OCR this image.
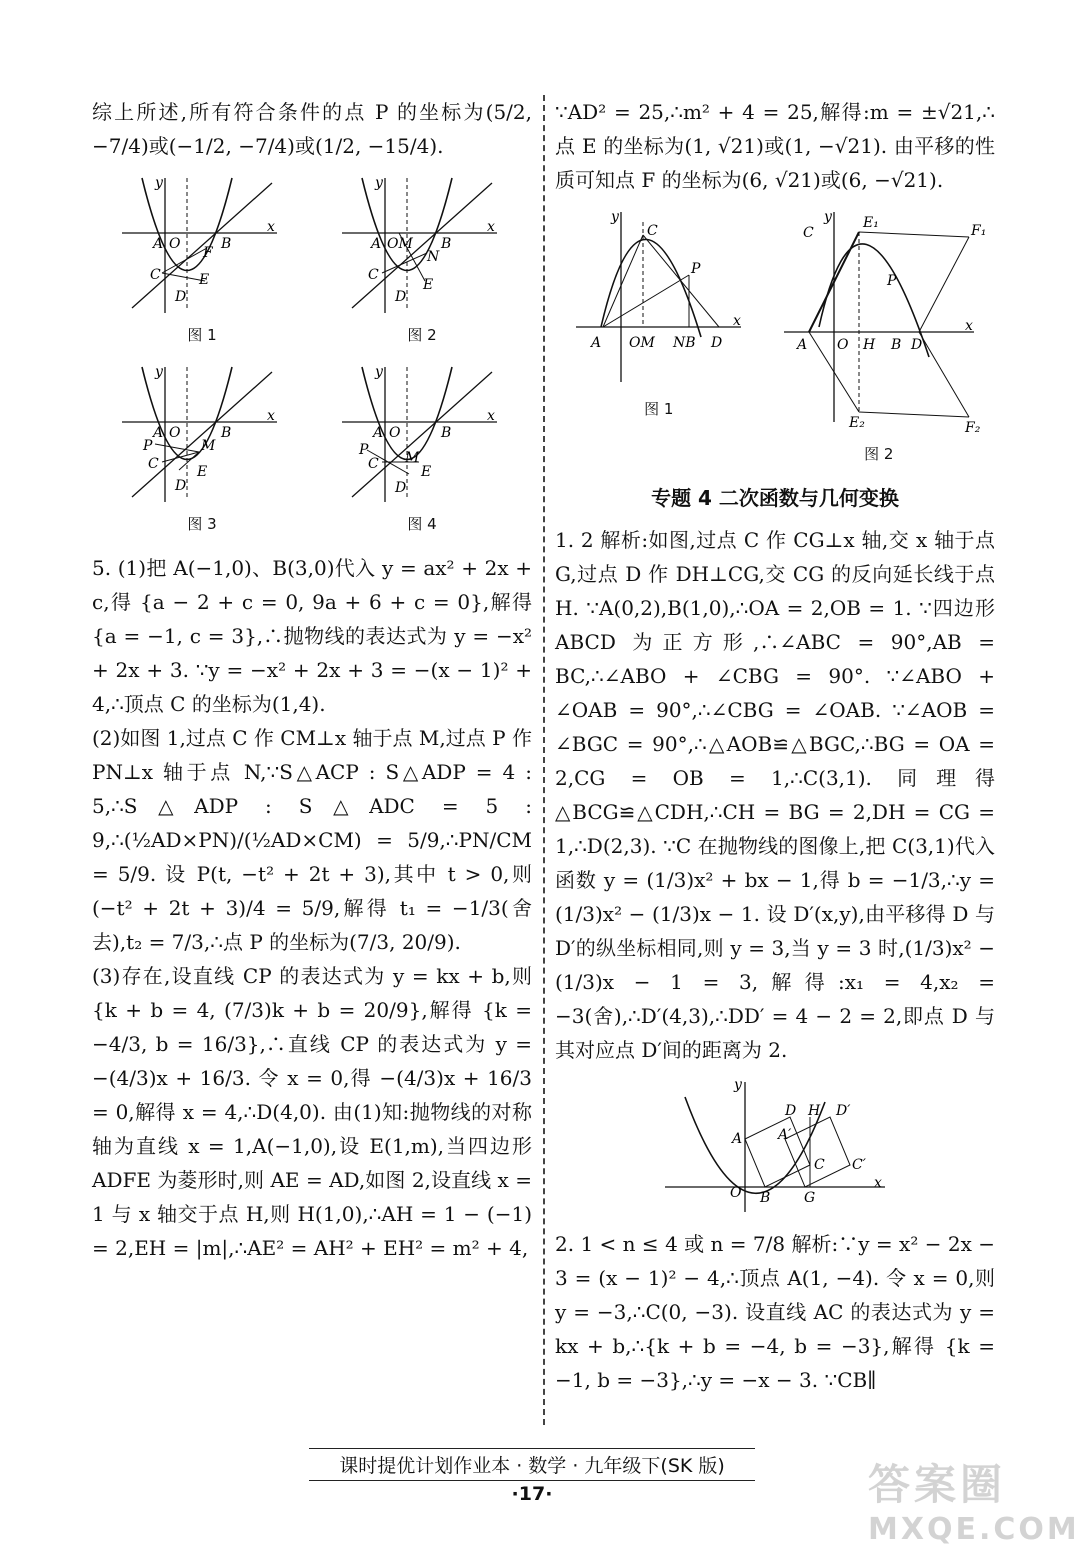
综上所述,所有符合条件的点 P 的坐标为(5/2, −7/4)或(−1/2, −7/4)或(1/2, −15/4).

A O	B
x
y
C
D
E
F
图 1
A OM B
x
y
C
D
E
N
图 2
A O	B
x
y
P
C
M
D
E
图 3
A O	B
x
y
P
C M
D
E
图 4

5. (1)把 A(−1,0)、B(3,0)代入 y = ax² + 2x + c,得 {a − 2 + c = 0, 9a + 6 + c = 0},解得 {a = −1, c = 3},∴抛物线的表达式为 y = −x² + 2x + 3. ∵y = −x² + 2x + 3 = −(x − 1)² + 4,∴顶点 C 的坐标为(1,4).

(2)如图 1,过点 C 作 CM⊥x 轴于点 M,过点 P 作 PN⊥x 轴于点 N,∵S△ACP : S△ADP = 4 : 5,∴S△ADP : S△ADC = 5 : 9,∴(½AD×PN)/(½AD×CM) = 5/9,∴PN/CM = 5/9. 设 P(t, −t² + 2t + 3),其中 t > 0,则 (−t² + 2t + 3)/4 = 5/9,解得 t₁ = −1/3(舍去),t₂ = 7/3,∴点 P 的坐标为(7/3, 20/9).

(3)存在,设直线 CP 的表达式为 y = kx + b,则 {k + b = 4, (7/3)k + b = 20/9},解得 {k = −4/3, b = 16/3},∴直线 CP 的表达式为 y = −(4/3)x + 16/3. 令 x = 0,得 −(4/3)x + 16/3 = 0,解得 x = 4,∴D(4,0). 由(1)知:抛物线的对称轴为直线 x = 1,A(−1,0),设 E(1,m),当四边形 ADFE 为菱形时,则 AE = AD,如图 2,设直线 x = 1 与 x 轴交于点 H,则 H(1,0),∴AH = 1 − (−1) = 2,EH = |m|,∴AE² = AH² + EH² = m² + 4,

∵AD² = 25,∴m² + 4 = 25,解得:m = ±√21,∴点 E 的坐标为(1, √21)或(1, −√21). 由平移的性质可知点 F 的坐标为(6, √21)或(6, −√21).

A OM NB D
x
y
C
P
图 1
A O H B D
x
y
C
E₁	F₁
P
E₂	F₂
图 2
专题 4 二次函数与几何变换

1. 2 解析:如图,过点 C 作 CG⊥x 轴,交 x 轴于点 G,过点 D 作 DH⊥CG,交 CG 的反向延长线于点 H. ∵A(0,2),B(1,0),∴OA = 2,OB = 1. ∵四边形 ABCD 为正方形,∴∠ABC = 90°,AB = BC,∴∠ABO + ∠CBG = 90°. ∵∠ABO + ∠OAB = 90°,∴∠CBG = ∠OAB. ∵∠AOB = ∠BGC = 90°,∴△AOB≌△BGC,∴BG = OA = 2,CG = OB = 1,∴C(3,1). 同理得△BCG≌△CDH,∴CH = BG = 2,DH = CG = 1,∴D(2,3). ∵C 在抛物线的图像上,把 C(3,1)代入函数 y = (1/3)x² + bx − 1,得 b = −1/3,∴y = (1/3)x² − (1/3)x − 1. 设 D′(x,y),由平移得 D 与 D′的纵坐标相同,则 y = 3,当 y = 3 时,(1/3)x² − (1/3)x − 1 = 3,解得:x₁ = 4,x₂ = −3(舍),∴D′(4,3),∴DD′ = 4 − 2 = 2,即点 D 与其对应点 D′间的距离为 2.

A
O B G
x
y
D H D′
C C′
A′

2. 1 < n ≤ 4 或 n = 7/8 解析:∵y = x² − 2x − 3 = (x − 1)² − 4,∴顶点 A(1, −4). 令 x = 0,则 y = −3,∴C(0, −3). 设直线 AC 的表达式为 y = kx + b,∴{k + b = −4, b = −3},解得 {k = −1, b = −3},∴y = −x − 3. ∵CB∥

课时提优计划作业本 · 数学 · 九年级下(SK 版)
·17·	答案圈
MXQE.COM
